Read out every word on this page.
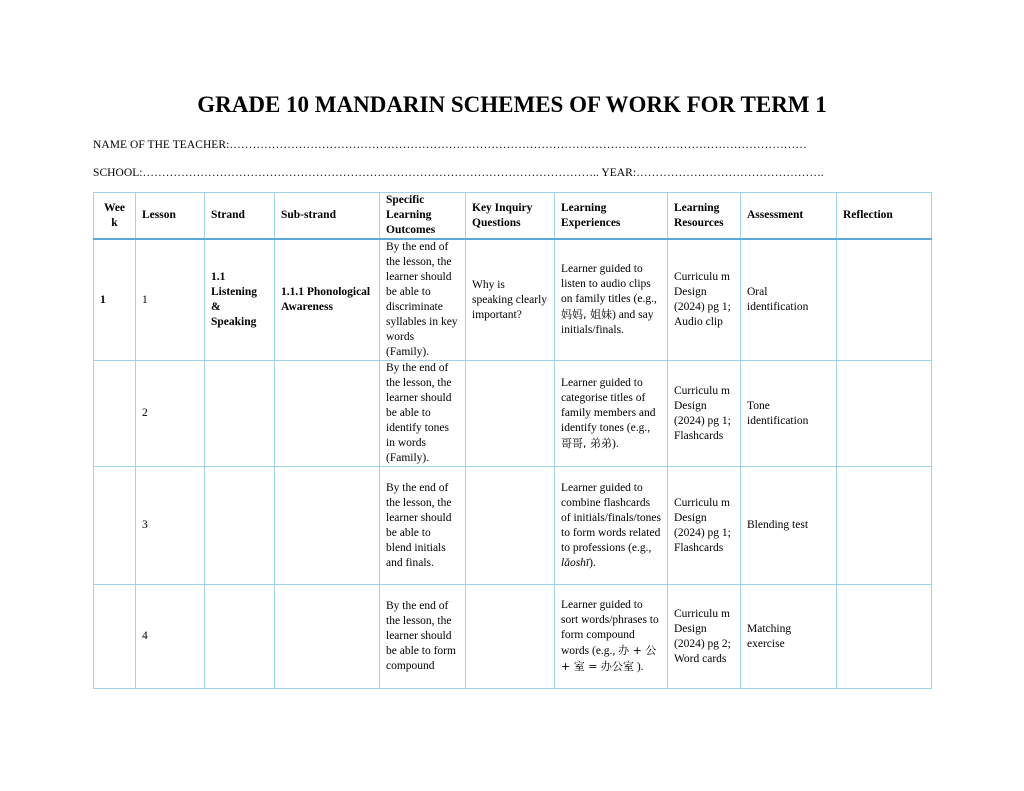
GRADE 10 MANDARIN SCHEMES OF WORK FOR TERM 1
NAME OF THE TEACHER:……………………………………………………………………………………………………………………………………
SCHOOL:……………………………………………………………………………………………………….. YEAR:………………………………………….
Wee k	Lesson	Strand	Sub-strand	Specific Learning Outcomes	Key Inquiry Questions	Learning Experiences	Learning Resources	Assessment	Reflection
1	1	1.1 Listening & Speaking	1.1.1 Phonological Awareness	By the end of the lesson, the learner should be able to discriminate syllables in key words (Family).	Why is speaking clearly important?	Learner guided to listen to audio clips on family titles (e.g., 妈妈, 姐妹) and say initials/finals.	Curriculu m Design (2024) pg 1; Audio clip	Oral identification	
	2			By the end of the lesson, the learner should be able to identify tones in words (Family).		Learner guided to categorise titles of family members and identify tones (e.g., 哥哥, 弟弟).	Curriculu m Design (2024) pg 1; Flashcards	Tone identification	
	3			By the end of the lesson, the learner should be able to blend initials and finals.		Learner guided to combine flashcards of initials/finals/tones to form words related to professions (e.g., lǎoshī).	Curriculu m Design (2024) pg 1; Flashcards	Blending test	
	4			By the end of the lesson, the learner should be able to form compound		Learner guided to sort words/phrases to form compound words (e.g., 办 + 公 + 室 = 办公室 ).	Curriculu m Design (2024) pg 2; Word cards	Matching exercise	
